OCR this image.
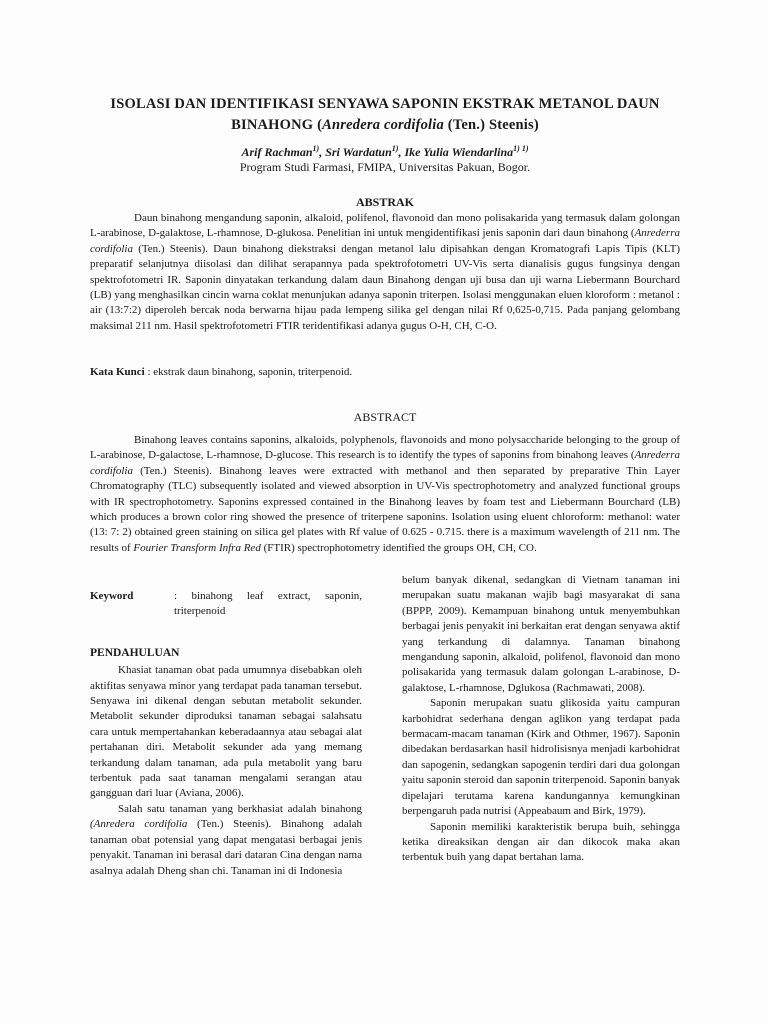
ISOLASI DAN IDENTIFIKASI SENYAWA SAPONIN EKSTRAK METANOL DAUN BINAHONG (Anredera cordifolia (Ten.) Steenis)
Arif Rachman$^{1)}$, Sri Wardatun$^{1)}$, Ike Yulia Wiendarlina$^{1) 1)}$
Program Studi Farmasi, FMIPA, Universitas Pakuan, Bogor.
ABSTRAK

Daun binahong mengandung saponin, alkaloid, polifenol, flavonoid dan mono polisakarida yang termasuk dalam golongan L-arabinose, D-galaktose, L-rhamnose, D-glukosa. Penelitian ini untuk mengidentifikasi jenis saponin dari daun binahong (Anrederra cordifolia (Ten.) Steenis). Daun binahong diekstraksi dengan metanol lalu dipisahkan dengan Kromatografi Lapis Tipis (KLT) preparatif selanjutnya diisolasi dan dilihat serapannya pada spektrofotometri UV-Vis serta dianalisis gugus fungsinya dengan spektrofotometri IR. Saponin dinyatakan terkandung dalam daun Binahong dengan uji busa dan uji warna Liebermann Bourchard (LB) yang menghasilkan cincin warna coklat menunjukan adanya saponin triterpen. Isolasi menggunakan eluen kloroform : metanol : air (13:7:2) diperoleh bercak noda berwarna hijau pada lempeng silika gel dengan nilai Rf 0,625-0,715. Pada panjang gelombang maksimal 211 nm. Hasil spektrofotometri FTIR teridentifikasi adanya gugus O-H, CH, C-O.

Kata Kunci : ekstrak daun binahong, saponin, triterpenoid.

ABSTRACT

Binahong leaves contains saponins, alkaloids, polyphenols, flavonoids and mono polysaccharide belonging to the group of L-arabinose, D-galactose, L-rhamnose, D-glucose. This research is to identify the types of saponins from binahong leaves (Anrederra cordifolia (Ten.) Steenis). Binahong leaves were extracted with methanol and then separated by preparative Thin Layer Chromatography (TLC) subsequently isolated and viewed absorption in UV-Vis spectrophotometry and analyzed functional groups with IR spectrophotometry. Saponins expressed contained in the Binahong leaves by foam test and Liebermann Bourchard (LB) which produces a brown color ring showed the presence of triterpene saponins. Isolation using eluent chloroform: methanol: water (13: 7: 2) obtained green staining on silica gel plates with Rf value of 0.625 - 0.715. there is a maximum wavelength of 211 nm. The results of Fourier Transform Infra Red (FTIR) spectrophotometry identified the groups OH, CH, CO.

Keyword	: binahong leaf extract, saponin, triterpenoid

PENDAHULUAN

Khasiat tanaman obat pada umumnya disebabkan oleh aktifitas senyawa minor yang terdapat pada tanaman tersebut. Senyawa ini dikenal dengan sebutan metabolit sekunder. Metabolit sekunder diproduksi tanaman sebagai salahsatu cara untuk mempertahankan keberadaannya atau sebagai alat pertahanan diri. Metabolit sekunder ada yang memang terkandung dalam tanaman, ada pula metabolit yang baru terbentuk pada saat tanaman mengalami serangan atau gangguan dari luar (Aviana, 2006).

Salah satu tanaman yang berkhasiat adalah binahong (Anredera cordifolia (Ten.) Steenis). Binahong adalah tanaman obat potensial yang dapat mengatasi berbagai jenis penyakit. Tanaman ini berasal dari dataran Cina dengan nama asalnya adalah Dheng shan chi. Tanaman ini di Indonesia

belum banyak dikenal, sedangkan di Vietnam tanaman ini merupakan suatu makanan wajib bagi masyarakat di sana (BPPP, 2009). Kemampuan binahong untuk menyembuhkan berbagai jenis penyakit ini berkaitan erat dengan senyawa aktif yang terkandung di dalamnya. Tanaman binahong mengandung saponin, alkaloid, polifenol, flavonoid dan mono polisakarida yang termasuk dalam golongan L-arabinose, D-galaktose, L-rhamnose, Dglukosa (Rachmawati, 2008).

Saponin merupakan suatu glikosida yaitu campuran karbohidrat sederhana dengan aglikon yang terdapat pada bermacam-macam tanaman (Kirk and Othmer, 1967). Saponin dibedakan berdasarkan hasil hidrolisisnya menjadi karbohidrat dan sapogenin, sedangkan sapogenin terdiri dari dua golongan yaitu saponin steroid dan saponin triterpenoid. Saponin banyak dipelajari terutama karena kandungannya kemungkinan berpengaruh pada nutrisi (Appeabaum and Birk, 1979).

Saponin memiliki karakteristik berupa buih, sehingga ketika direaksikan dengan air dan dikocok maka akan terbentuk buih yang dapat bertahan lama.
